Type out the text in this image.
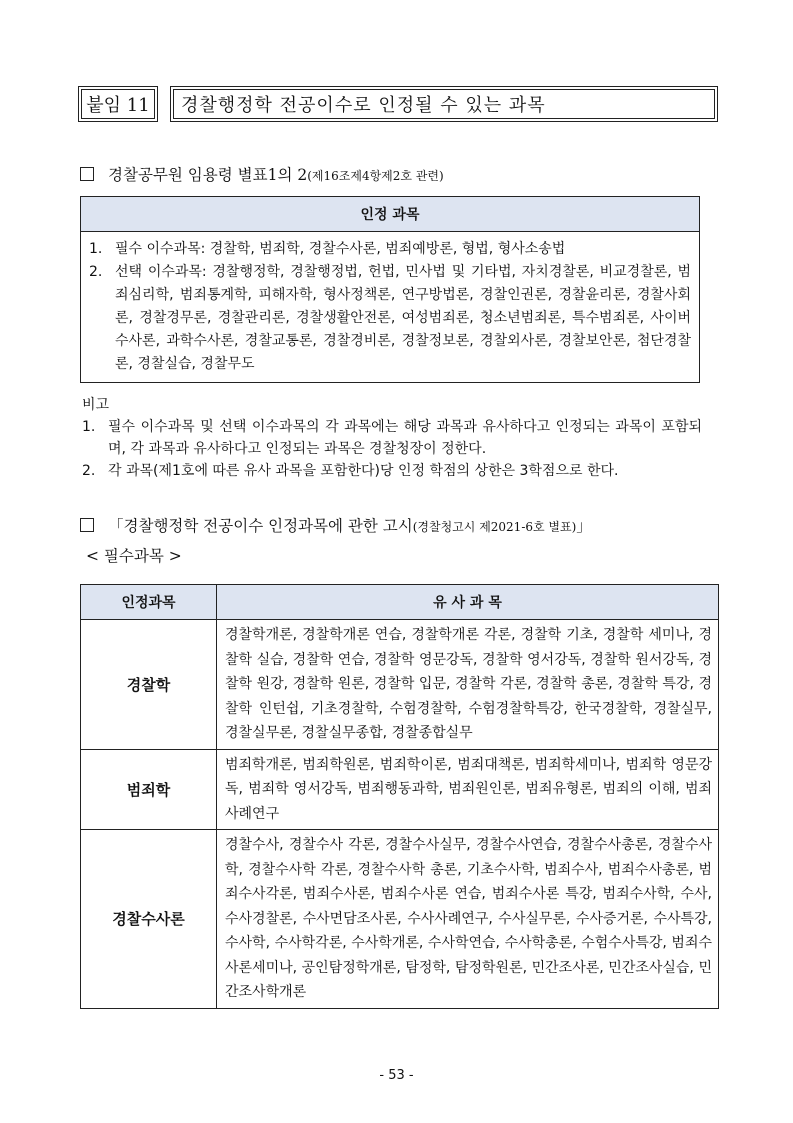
붙임 11	경찰행정학 전공이수로 인정될 수 있는 과목
경찰공무원 임용령 별표1의 2(제16조제4항제2호 관련)
인정 과목
1. 필수 이수과목: 경찰학, 범죄학, 경찰수사론, 범죄예방론, 형법, 형사소송법
2. 선택 이수과목: 경찰행정학, 경찰행정법, 헌법, 민사법 및 기타법, 자치경찰론, 비교경찰론, 범죄심리학, 범죄통계학, 피해자학, 형사정책론, 연구방법론, 경찰인권론, 경찰윤리론, 경찰사회론, 경찰경무론, 경찰관리론, 경찰생활안전론, 여성범죄론, 청소년범죄론, 특수범죄론, 사이버수사론, 과학수사론, 경찰교통론, 경찰경비론, 경찰정보론, 경찰외사론, 경찰보안론, 첨단경찰론, 경찰실습, 경찰무도
비고
1. 필수 이수과목 및 선택 이수과목의 각 과목에는 해당 과목과 유사하다고 인정되는 과목이 포함되며, 각 과목과 유사하다고 인정되는 과목은 경찰청장이 정한다.
2. 각 과목(제1호에 따른 유사 과목을 포함한다)당 인정 학점의 상한은 3학점으로 한다.
「경찰행정학 전공이수 인정과목에 관한 고시(경찰청고시 제2021-6호 별표)」
< 필수과목 >
인정과목	유 사 과 목
경찰학	경찰학개론, 경찰학개론 연습, 경찰학개론 각론, 경찰학 기초, 경찰학 세미나, 경찰학 실습, 경찰학 연습, 경찰학 영문강독, 경찰학 영서강독, 경찰학 원서강독, 경찰학 원강, 경찰학 원론, 경찰학 입문, 경찰학 각론, 경찰학 총론, 경찰학 특강, 경찰학 인턴쉽, 기초경찰학, 수험경찰학, 수험경찰학특강, 한국경찰학, 경찰실무, 경찰실무론, 경찰실무종합, 경찰종합실무
범죄학	범죄학개론, 범죄학원론, 범죄학이론, 범죄대책론, 범죄학세미나, 범죄학 영문강독, 범죄학 영서강독, 범죄행동과학, 범죄원인론, 범죄유형론, 범죄의 이해, 범죄사례연구
경찰수사론	경찰수사, 경찰수사 각론, 경찰수사실무, 경찰수사연습, 경찰수사총론, 경찰수사학, 경찰수사학 각론, 경찰수사학 총론, 기초수사학, 범죄수사, 범죄수사총론, 범죄수사각론, 범죄수사론, 범죄수사론 연습, 범죄수사론 특강, 범죄수사학, 수사, 수사경찰론, 수사면담조사론, 수사사례연구, 수사실무론, 수사증거론, 수사특강, 수사학, 수사학각론, 수사학개론, 수사학연습, 수사학총론, 수험수사특강, 범죄수사론세미나, 공인탐정학개론, 탐정학, 탐정학원론, 민간조사론, 민간조사실습, 민간조사학개론
- 53 -
